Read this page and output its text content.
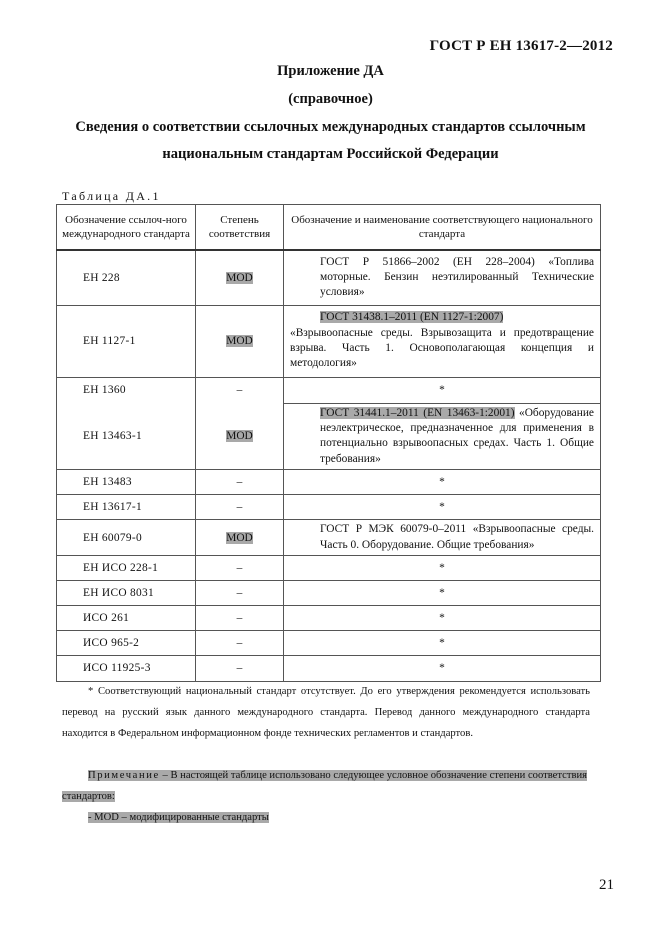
ГОСТ Р ЕН 13617-2—2012
Приложение ДА
(справочное)
Сведения о соответствии ссылочных международных стандартов ссылочным
национальным стандартам Российской Федерации
Таблица ДА.1
Обозначение ссылоч-ного международного стандарта	Степень соответствия	Обозначение и наименование соответствующего национального стандарта
ЕН 228	MOD	ГОСТ Р 51866–2002 (ЕН 228–2004) «Топлива моторные. Бензин неэтилированный Технические условия»

ЕН 1127-1	MOD	ГОСТ 31438.1–2011 (EN 1127-1:2007)
«Взрывоопасные среды. Взрывозащита и предотвращение взрыва. Часть 1. Основополагающая концепция и методология»

ЕН 1360	–	*
ЕН 13463-1	MOD	ГОСТ 31441.1–2011 (EN 13463-1:2001) «Оборудование неэлектрическое, предназначенное для применения в потенциально взрывоопасных средах. Часть 1. Общие требования»

ЕН 13483	–	*
ЕН 13617-1	–	*
ЕН 60079-0	MOD	ГОСТ Р МЭК 60079-0–2011 «Взрывоопасные среды. Часть 0. Оборудование. Общие требования»

ЕН ИСО 228-1	–	*
ЕН ИСО 8031	–	*
ИСО 261	–	*
ИСО 965-2	–	*
ИСО 11925-3	–	*
* Соответствующий национальный стандарт отсутствует. До его утверждения рекомендуется использовать перевод на русский язык данного международного стандарта. Перевод данного международного стандарта находится в Федеральном информационном фонде технических регламентов и стандартов.
Примечание – В настоящей таблице использовано следующее условное обозначение степени соответствия стандартов:
- MOD – модифицированные стандарты
21
